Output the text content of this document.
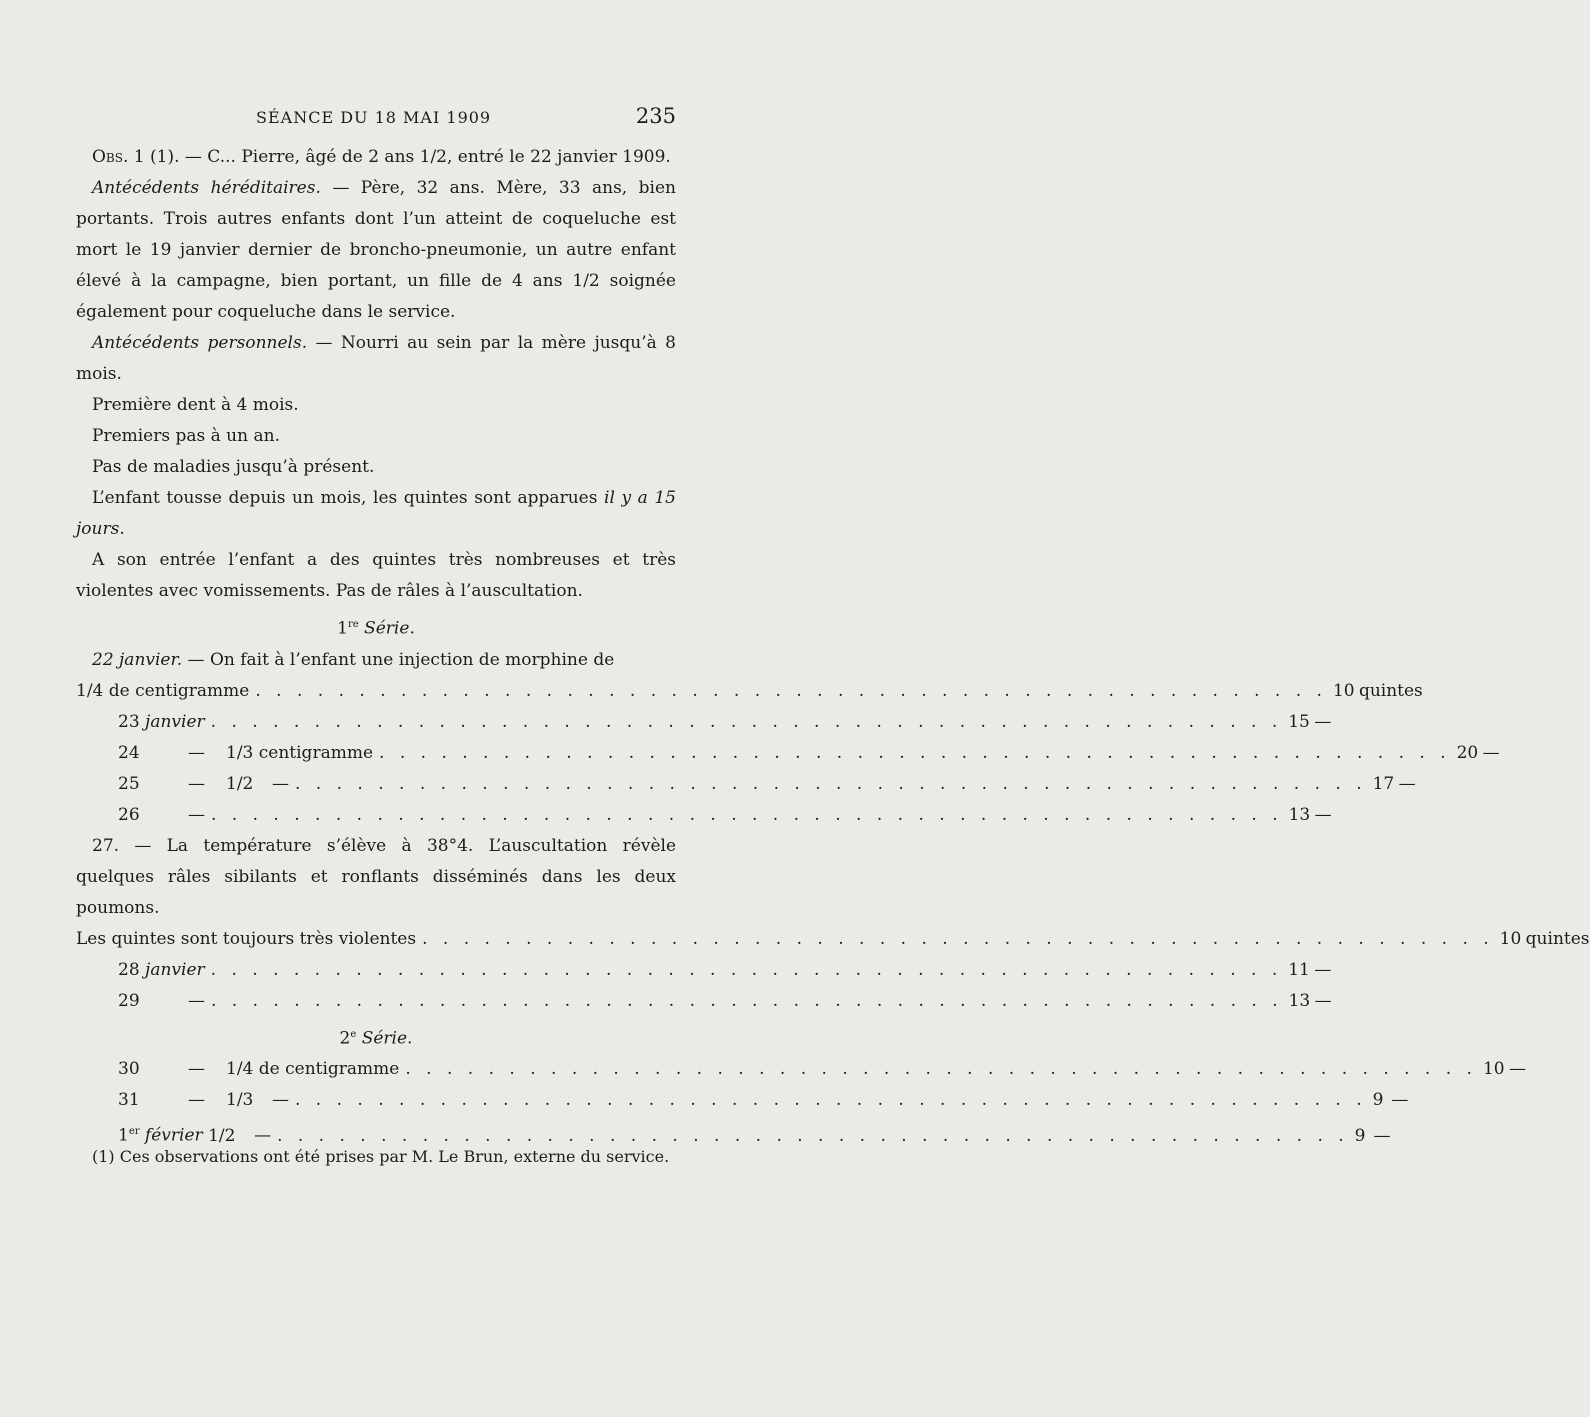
SÉANCE DU 18 MAI 1909	235

Obs. 1 (1). — C... Pierre, âgé de 2 ans 1/2, entré le 22 janvier 1909.

Antécédents héréditaires. — Père, 32 ans. Mère, 33 ans, bien portants. Trois autres enfants dont l’un atteint de coqueluche est mort le 19 janvier dernier de broncho-pneumonie, un autre enfant élevé à la campagne, bien portant, un fille de 4 ans 1/2 soignée également pour coqueluche dans le service.

Antécédents personnels. — Nourri au sein par la mère jusqu’à 8 mois.

Première dent à 4 mois.

Premiers pas à un an.

Pas de maladies jusqu’à présent.

L’enfant tousse depuis un mois, les quintes sont apparues il y a 15 jours.

A son entrée l’enfant a des quintes très nombreuses et très violentes avec vomissements. Pas de râles à l’auscultation.

1re Série.

22 janvier. — On fait à l’enfant une injection de morphine de

1/4 de centigramme . . . . . . . . . . . . . . . . . . . . . . . . . . . . . . . . . . . . . . . . . . . . . . . . . . . . 10 quintes
23 janvier . . . . . . . . . . . . . . . . . . . . . . . . . . . . . . . . . . . . . . . . . . . . . . . . . . . . 15 —
24	— 1/3 centigramme . . . . . . . . . . . . . . . . . . . . . . . . . . . . . . . . . . . . . . . . . . . . . . . . . . . . 20 —
25	— 1/2 — . . . . . . . . . . . . . . . . . . . . . . . . . . . . . . . . . . . . . . . . . . . . . . . . . . . . 17 —
26	— . . . . . . . . . . . . . . . . . . . . . . . . . . . . . . . . . . . . . . . . . . . . . . . . . . . . 13 —

27. — La température s’élève à 38°4. L’auscultation révèle quelques râles sibilants et ronflants disséminés dans les deux poumons.

Les quintes sont toujours très violentes . . . . . . . . . . . . . . . . . . . . . . . . . . . . . . . . . . . . . . . . . . . . . . . . . . . . 10 quintes
28 janvier . . . . . . . . . . . . . . . . . . . . . . . . . . . . . . . . . . . . . . . . . . . . . . . . . . . . 11 —
29	— . . . . . . . . . . . . . . . . . . . . . . . . . . . . . . . . . . . . . . . . . . . . . . . . . . . . 13 —

2e Série.

30	— 1/4 de centigramme . . . . . . . . . . . . . . . . . . . . . . . . . . . . . . . . . . . . . . . . . . . . . . . . . . . . 10 —
31	— 1/3 — . . . . . . . . . . . . . . . . . . . . . . . . . . . . . . . . . . . . . . . . . . . . . . . . . . . . 9 —
1er février 1/2 — . . . . . . . . . . . . . . . . . . . . . . . . . . . . . . . . . . . . . . . . . . . . . . . . . . . . 9 —

(1) Ces observations ont été prises par M. Le Brun, externe du service.
